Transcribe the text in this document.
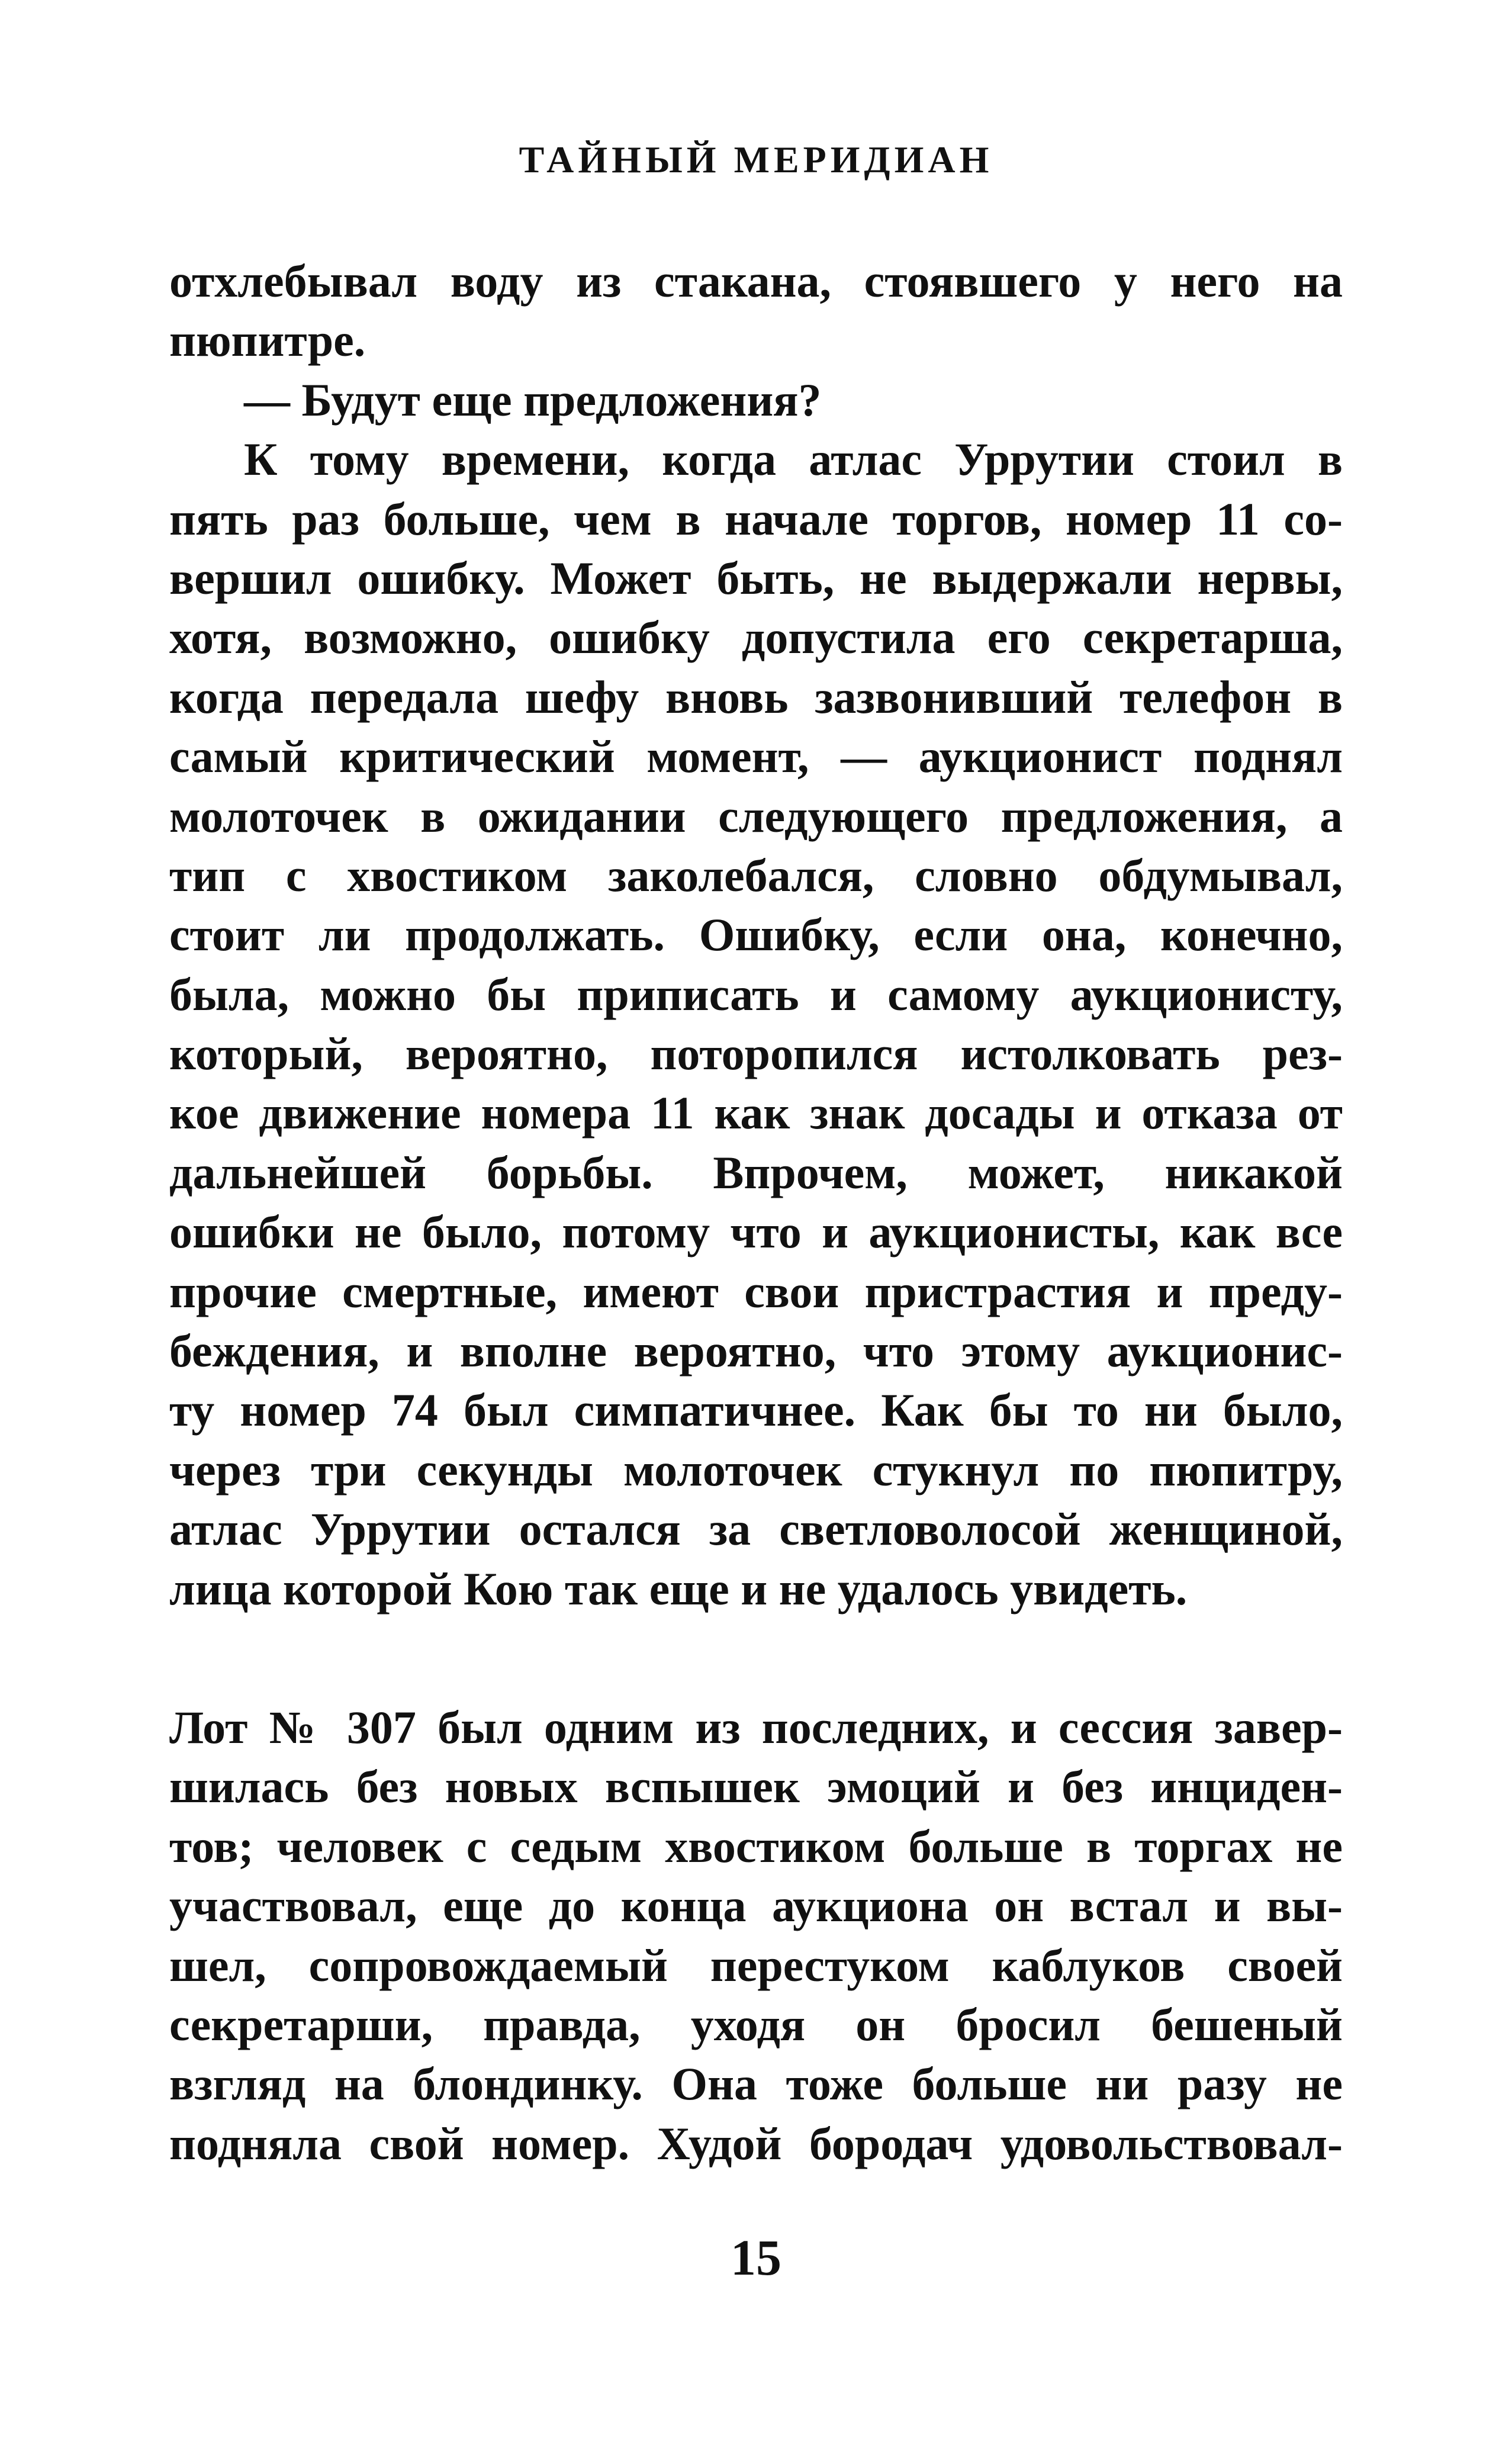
ТАЙНЫЙ МЕРИДИАН
отхлебывал воду из стакана, стоявшего у него на
пюпитре.
— Будут еще предложения?
К тому времени, когда атлас Уррутии стоил в
пять раз больше, чем в начале торгов, номер 11 со-
вершил ошибку. Может быть, не выдержали нервы,
хотя, возможно, ошибку допустила его секретарша,
когда передала шефу вновь зазвонивший телефон в
самый критический момент, — аукционист поднял
молоточек в ожидании следующего предложения, а
тип с хвостиком заколебался, словно обдумывал,
стоит ли продолжать. Ошибку, если она, конечно,
была, можно бы приписать и самому аукционисту,
который, вероятно, поторопился истолковать рез-
кое движение номера 11 как знак досады и отказа от
дальнейшей борьбы. Впрочем, может, никакой
ошибки не было, потому что и аукционисты, как все
прочие смертные, имеют свои пристрастия и преду-
беждения, и вполне вероятно, что этому аукционис-
ту номер 74 был симпатичнее. Как бы то ни было,
через три секунды молоточек стукнул по пюпитру,
атлас Уррутии остался за светловолосой женщиной,
лица которой Кою так еще и не удалось увидеть.
Лот № 307 был одним из последних, и сессия завер-
шилась без новых вспышек эмоций и без инциден-
тов; человек с седым хвостиком больше в торгах не
участвовал, еще до конца аукциона он встал и вы-
шел, сопровождаемый перестуком каблуков своей
секретарши, правда, уходя он бросил бешеный
взгляд на блондинку. Она тоже больше ни разу не
подняла свой номер. Худой бородач удовольствовал-
15
